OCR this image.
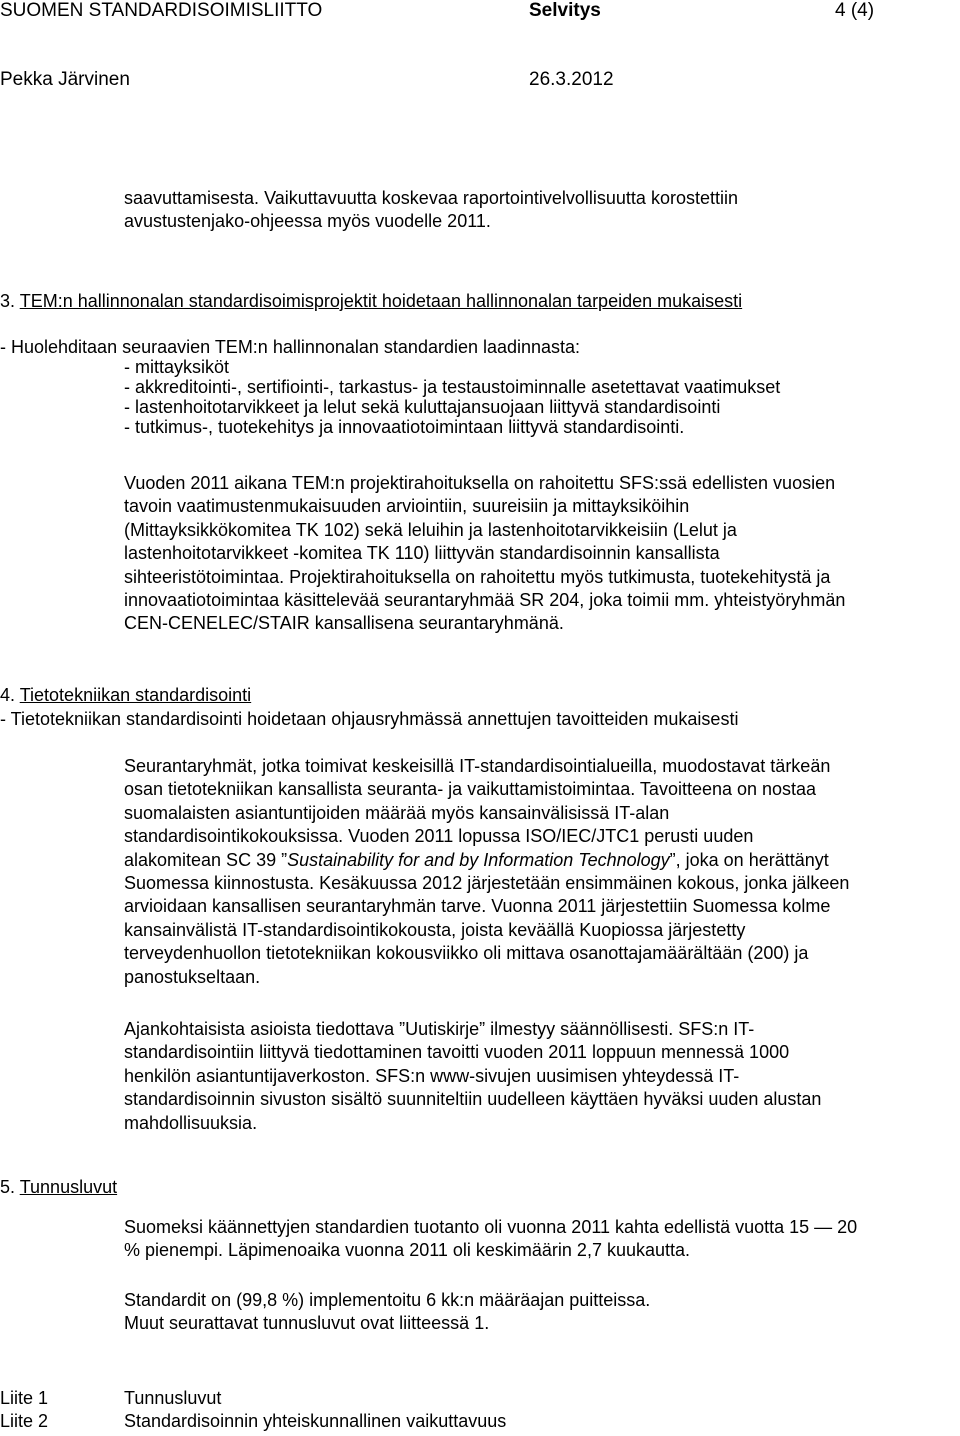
SUOMEN STANDARDISOIMISLIITTO	Selvitys	4 (4)
Pekka Järvinen	26.3.2012
saavuttamisesta. Vaikuttavuutta koskevaa raportointivelvollisuutta korostettiin
avustustenjako-ohjeessa myös vuodelle 2011.
3. TEM:n hallinnonalan standardisoimisprojektit hoidetaan hallinnonalan tarpeiden mukaisesti
- Huolehditaan seuraavien TEM:n hallinnonalan standardien laadinnasta:
- mittayksiköt
- akkreditointi-, sertifiointi-, tarkastus- ja testaustoiminnalle asetettavat vaatimukset
- lastenhoitotarvikkeet ja lelut sekä kuluttajansuojaan liittyvä standardisointi
- tutkimus-, tuotekehitys ja innovaatiotoimintaan liittyvä standardisointi.
Vuoden 2011 aikana TEM:n projektirahoituksella on rahoitettu SFS:ssä edellisten vuosien
tavoin vaatimustenmukaisuuden arviointiin, suureisiin ja mittayksiköihin
(Mittayksikkökomitea TK 102) sekä leluihin ja lastenhoitotarvikkeisiin (Lelut ja
lastenhoitotarvikkeet -komitea TK 110) liittyvän standardisoinnin kansallista
sihteeristötoimintaa. Projektirahoituksella on rahoitettu myös tutkimusta, tuotekehitystä ja
innovaatiotoimintaa käsittelevää seurantaryhmää SR 204, joka toimii mm. yhteistyöryhmän
CEN-CENELEC/STAIR kansallisena seurantaryhmänä.
4. Tietotekniikan standardisointi
- Tietotekniikan standardisointi hoidetaan ohjausryhmässä annettujen tavoitteiden mukaisesti
Seurantaryhmät, jotka toimivat keskeisillä IT-standardisointialueilla, muodostavat tärkeän
osan tietotekniikan kansallista seuranta- ja vaikuttamistoimintaa. Tavoitteena on nostaa
suomalaisten asiantuntijoiden määrää myös kansainvälisissä IT-alan
standardisointikokouksissa. Vuoden 2011 lopussa ISO/IEC/JTC1 perusti uuden
alakomitean SC 39 ”Sustainability for and by Information Technology”, joka on herättänyt
Suomessa kiinnostusta. Kesäkuussa 2012 järjestetään ensimmäinen kokous, jonka jälkeen
arvioidaan kansallisen seurantaryhmän tarve. Vuonna 2011 järjestettiin Suomessa kolme
kansainvälistä IT-standardisointikokousta, joista keväällä Kuopiossa järjestetty
terveydenhuollon tietotekniikan kokousviikko oli mittava osanottajamäärältään (200) ja
panostukseltaan.
Ajankohtaisista asioista tiedottava ”Uutiskirje” ilmestyy säännöllisesti. SFS:n IT-
standardisointiin liittyvä tiedottaminen tavoitti vuoden 2011 loppuun mennessä 1000
henkilön asiantuntijaverkoston. SFS:n www-sivujen uusimisen yhteydessä IT-
standardisoinnin sivuston sisältö suunniteltiin uudelleen käyttäen hyväksi uuden alustan
mahdollisuuksia.
5. Tunnusluvut
Suomeksi käännettyjen standardien tuotanto oli vuonna 2011 kahta edellistä vuotta 15 — 20
% pienempi. Läpimenoaika vuonna 2011 oli keskimäärin 2,7 kuukautta.
Standardit on (99,8 %) implementoitu 6 kk:n määräajan puitteissa.
Muut seurattavat tunnusluvut ovat liitteessä 1.
Liite 1	Tunnusluvut
Liite 2	Standardisoinnin yhteiskunnallinen vaikuttavuus
